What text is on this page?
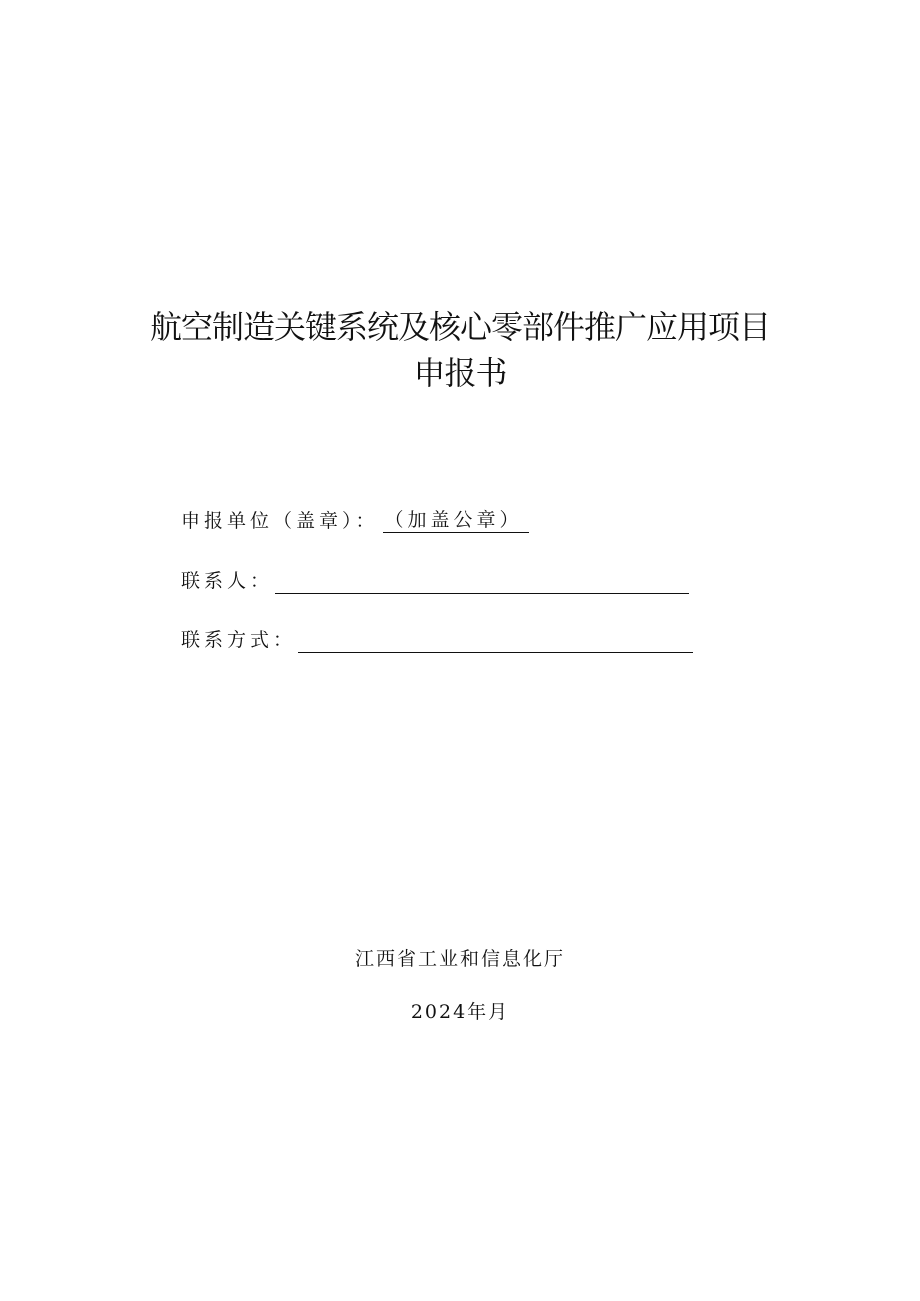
航空制造关键系统及核心零部件推广应用项目
申报书
申报单位（盖章）： （加盖公章）
联系人：
联系方式：
江西省工业和信息化厅
2024年月
